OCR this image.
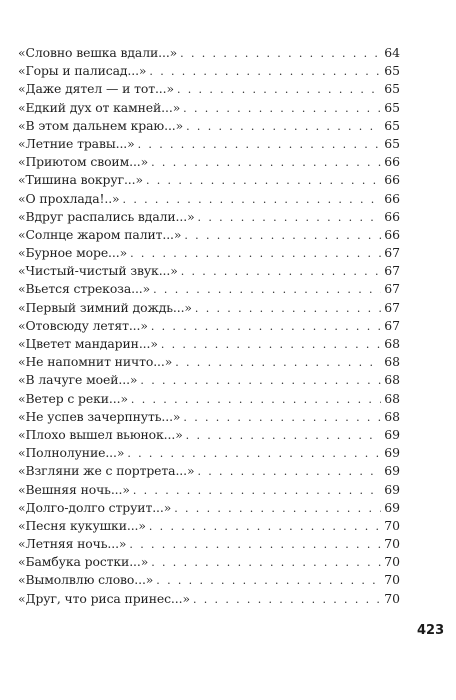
«Словно вешка вдали...» . . .	64
«Горы и палисад...» . . .	65
«Даже дятел — и тот...» . . .	65
«Едкий дух от камней...» . . .	65
«В этом дальнем краю...» . . .	65
«Летние травы...» . . .	65
«Приютом своим...» . . .	66
«Тишина вокруг...» . . .	66
«О прохлада!..» . . .	66
«Вдруг распались вдали...» . . .	66
«Солнце жаром палит...» . . .	66
«Бурное море...» . . .	67
«Чистый-чистый звук...» . . .	67
«Вьется стрекоза...» . . .	67
«Первый зимний дождь...» . . .	67
«Отовсюду летят...» . . .	67
«Цветет мандарин...» . . .	68
«Не напомнит ничто...» . . .	68
«В лачуге моей...» . . .	68
«Ветер с реки...» . . .	68
«Не успев зачерпнуть...» . . .	68
«Плохо вышел вьюнок...» . . .	69
«Полнолуние...» . . .	69
«Взгляни же с портрета...» . . .	69
«Вешняя ночь...» . . .	69
«Долго-долго струит...» . . .	69
«Песня кукушки...» . . .	70
«Летняя ночь...» . . .	70
«Бамбука ростки...» . . .	70
«Вымолвлю слово...» . . .	70
«Друг, что риса принес...» . . .	70
423
